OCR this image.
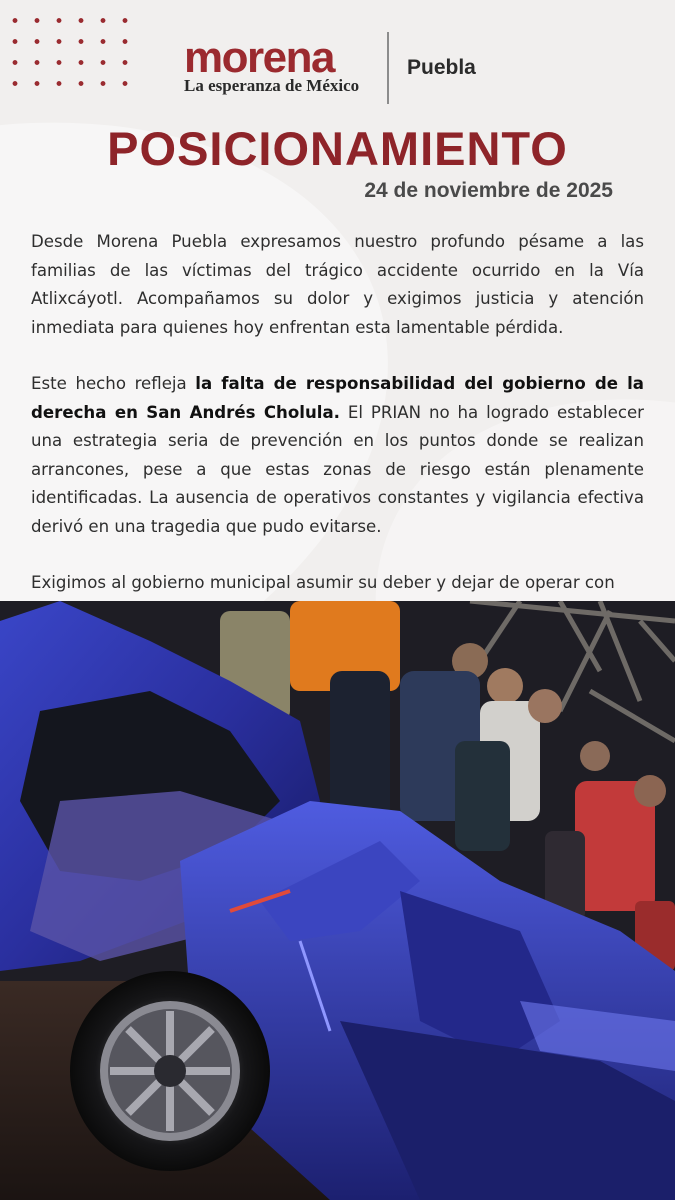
morena
La esperanza de México
Puebla
POSICIONAMIENTO
24 de noviembre de 2025

Desde Morena Puebla expresamos nuestro profundo pésame a las familias de las víctimas del trágico accidente ocurrido en la Vía Atlixcáyotl. Acompañamos su dolor y exigimos justicia y atención inmediata para quienes hoy enfrentan esta lamentable pérdida.

Este hecho refleja la falta de responsabilidad del gobierno de la derecha en San Andrés Cholula. El PRIAN no ha logrado establecer una estrategia seria de prevención en los puntos donde se realizan arrancones, pese a que estas zonas de riesgo están plenamente identificadas. La ausencia de operativos constantes y vigilancia efectiva derivó en una tragedia que pudo evitarse.

Exigimos al gobierno municipal asumir su deber y dejar de operar con
